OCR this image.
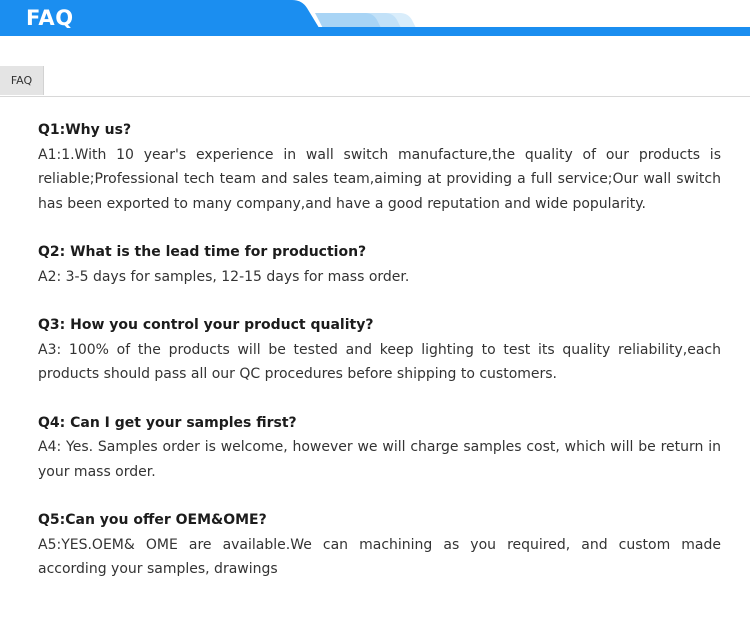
FAQ
FAQ

Q1:Why us?

A1:1.With 10 year's experience in wall switch manufacture,the quality of our products is reliable;Professional tech team and sales team,aiming at providing a full service;Our wall switch has been exported to many company,and have a good reputation and wide popularity.

Q2: What is the lead time for production?

A2: 3-5 days for samples, 12-15 days for mass order.

Q3: How you control your product quality?

A3: 100% of the products will be tested and keep lighting to test its quality reliability,each products should pass all our QC procedures before shipping to customers.

Q4: Can I get your samples first?

A4: Yes. Samples order is welcome, however we will charge samples cost, which will be return in your mass order.

Q5:Can you offer OEM&OME?

A5:YES.OEM& OME are available.We can machining as you required, and custom made according your samples, drawings
